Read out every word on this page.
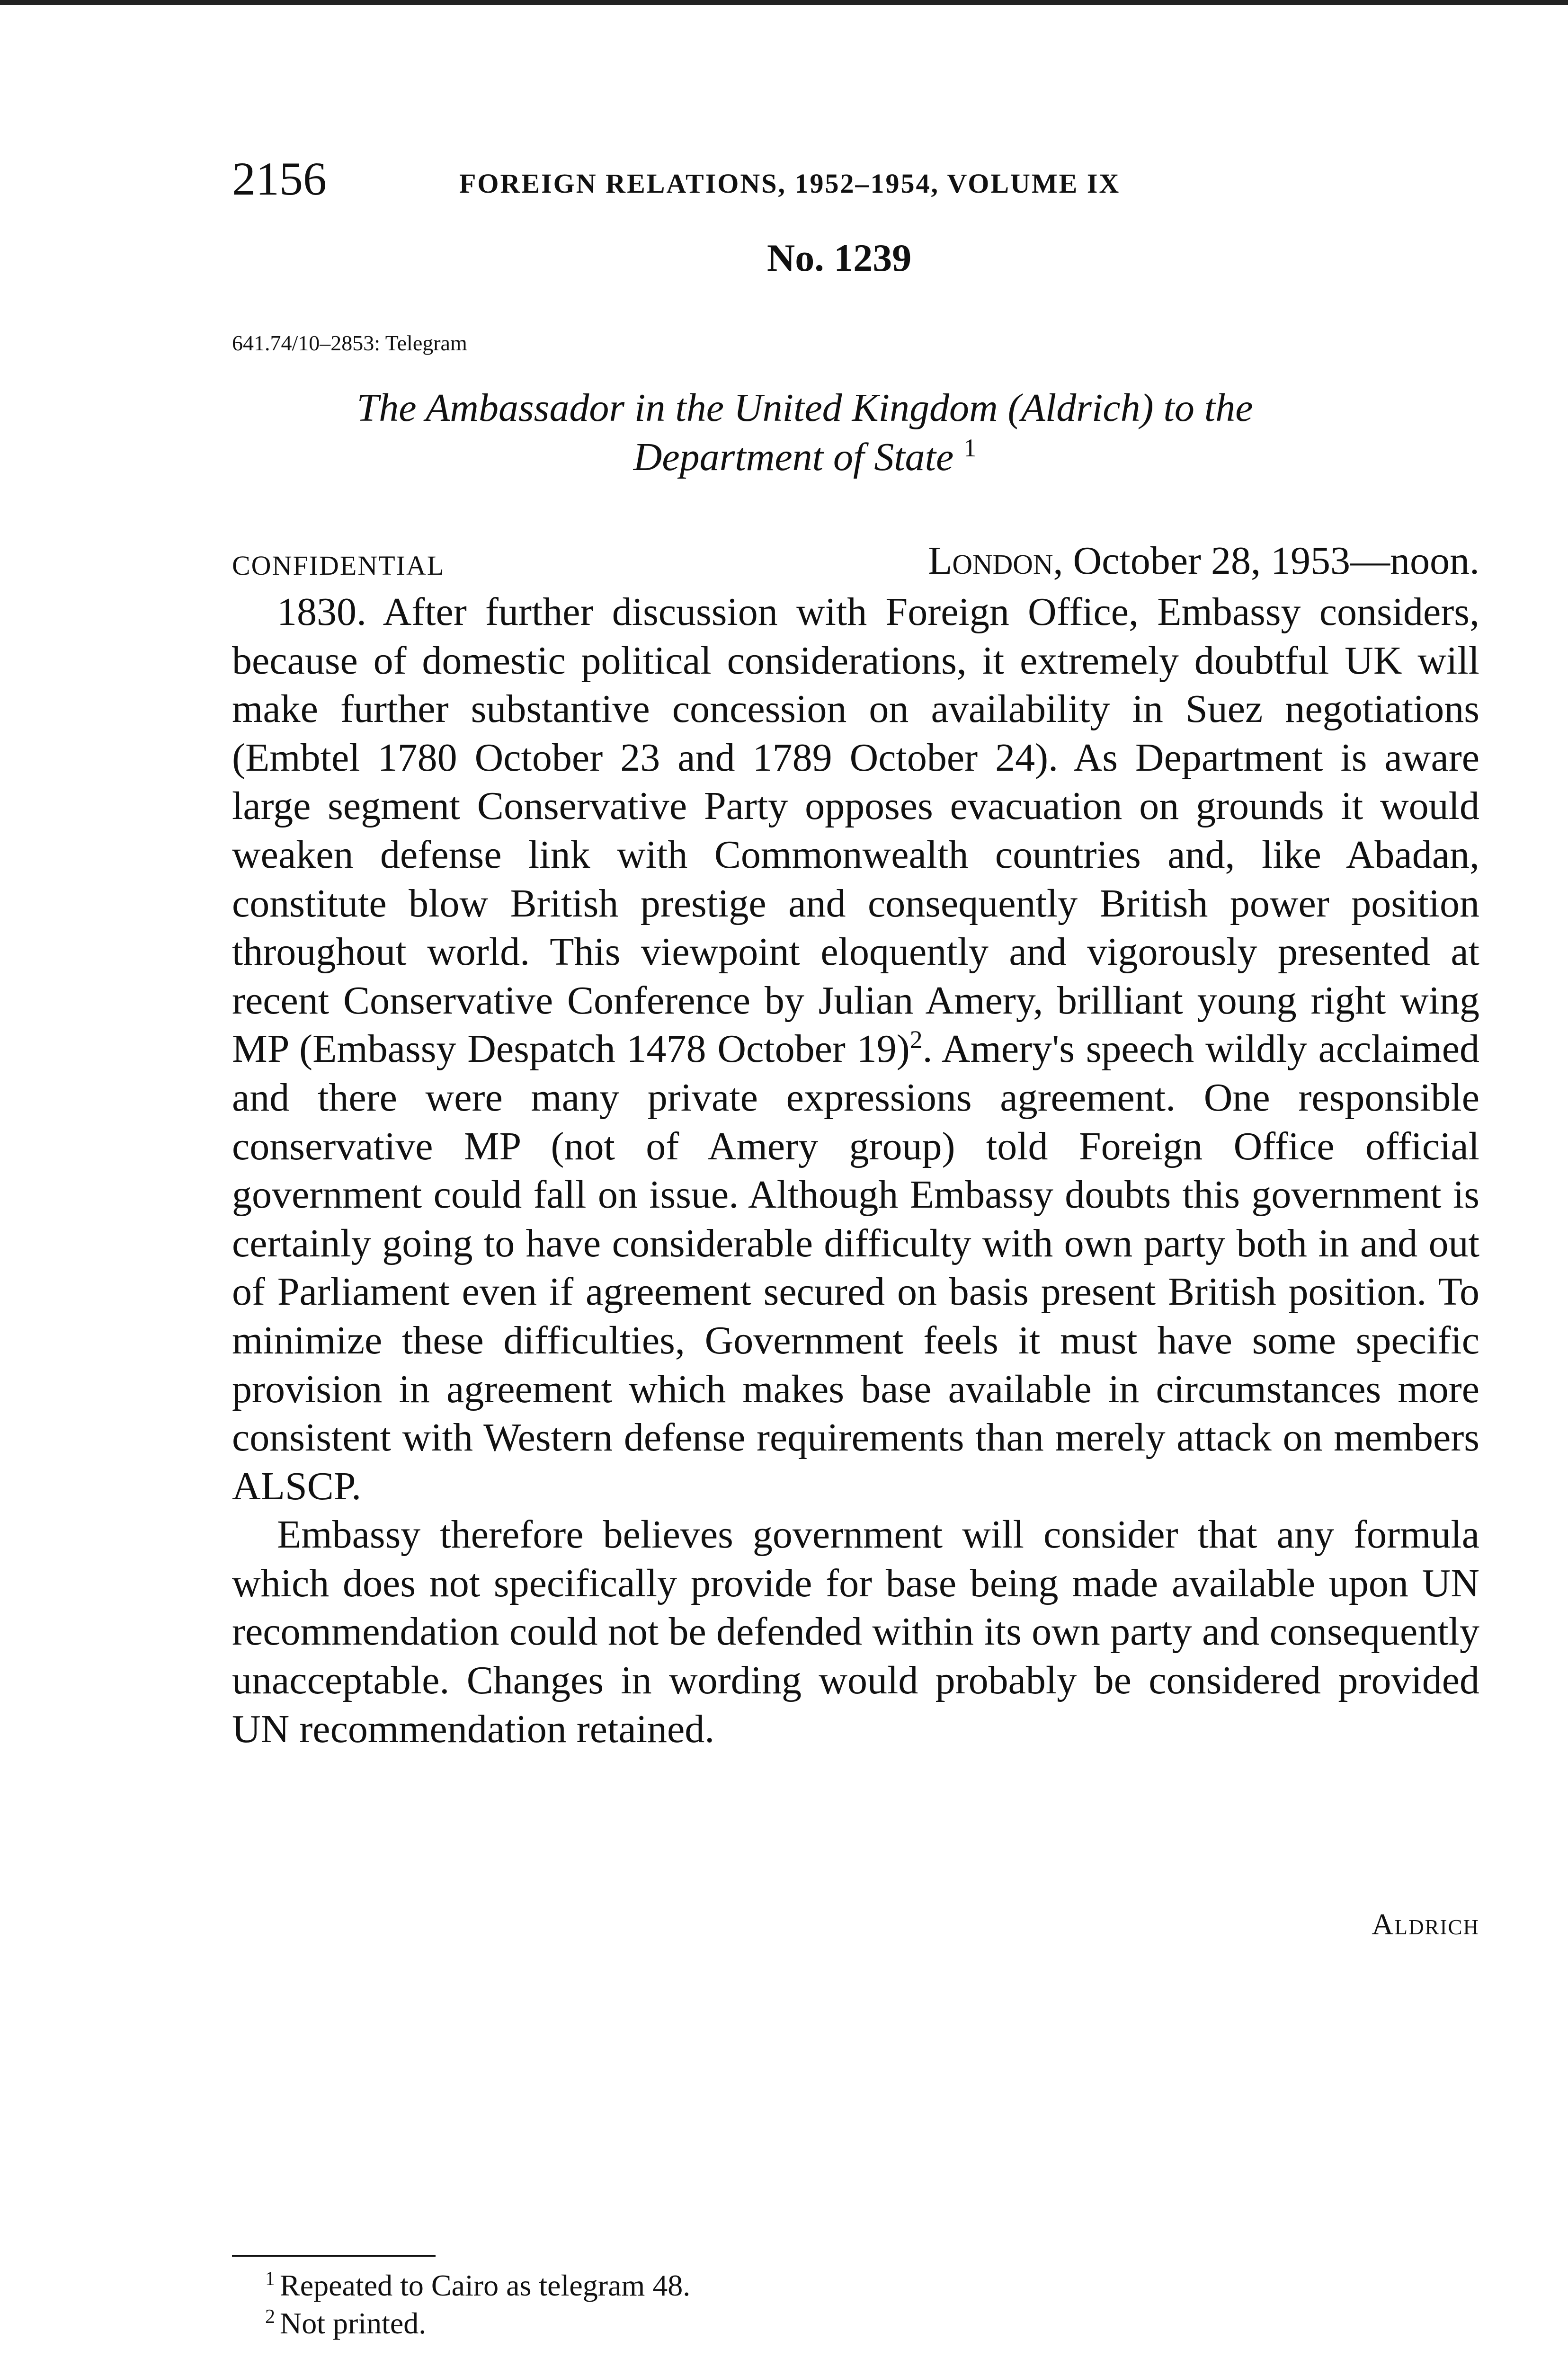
2156	FOREIGN RELATIONS, 1952–1954, VOLUME IX
No. 1239
641.74/10–2853: Telegram
The Ambassador in the United Kingdom (Aldrich) to the
Department of State $^1$
CONFIDENTIAL	London, October 28, 1953—noon.

1830. After further discussion with Foreign Office, Embassy considers, because of domestic political considerations, it extremely doubtful UK will make further substantive concession on availability in Suez negotiations (Embtel 1780 October 23 and 1789 October 24). As Department is aware large segment Conservative Party opposes evacuation on grounds it would weaken defense link with Commonwealth countries and, like Abadan, constitute blow British prestige and consequently British power position throughout world. This viewpoint eloquently and vigorously presented at recent Conservative Conference by Julian Amery, brilliant young right wing MP (Embassy Despatch 1478 October 19)$^2$. Amery's speech wildly acclaimed and there were many private expressions agreement. One responsible conservative MP (not of Amery group) told Foreign Office official government could fall on issue. Although Embassy doubts this government is certainly going to have considerable difficulty with own party both in and out of Parliament even if agreement secured on basis present British position. To minimize these difficulties, Government feels it must have some specific provision in agreement which makes base available in circumstances more consistent with Western defense requirements than merely attack on members ALSCP.

Embassy therefore believes government will consider that any formula which does not specifically provide for base being made available upon UN recommendation could not be defended within its own party and consequently unacceptable. Changes in wording would probably be considered provided UN recommendation retained.

Aldrich
$^1$ Repeated to Cairo as telegram 48.
$^2$ Not printed.
